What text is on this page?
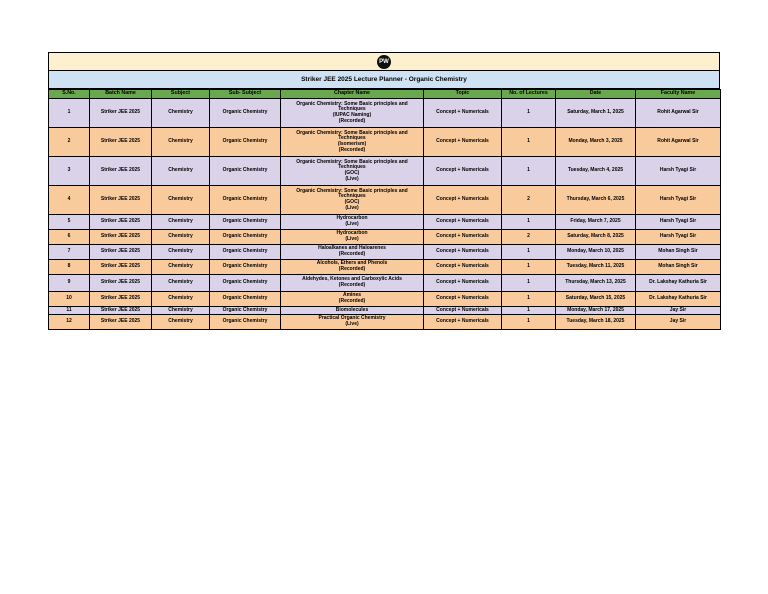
PW
Striker JEE 2025 Lecture Planner - Organic Chemistry
S.No.	Batch Name	Subject	Sub- Subject	Chapter Name	Topic	No. of Lectures	Date	Faculty Name
1	Striker JEE 2025	Chemistry	Organic Chemistry	Organic Chemistry: Some Basic principles and Techniques
(IUPAC Naming)
(Recorded)	Concept + Numericals	1	Saturday, March 1, 2025	Rohit Agarwal Sir
2	Striker JEE 2025	Chemistry	Organic Chemistry	Organic Chemistry: Some Basic principles and Techniques
(Isomerism)
(Recorded)	Concept + Numericals	1	Monday, March 3, 2025	Rohit Agarwal Sir
3	Striker JEE 2025	Chemistry	Organic Chemistry	Organic Chemistry: Some Basic principles and Techniques
(GOC)
(Live)	Concept + Numericals	1	Tuesday, March 4, 2025	Harsh Tyagi Sir
4	Striker JEE 2025	Chemistry	Organic Chemistry	Organic Chemistry: Some Basic principles and Techniques
(GOC)
(Live)	Concept + Numericals	2	Thursday, March 6, 2025	Harsh Tyagi Sir
5	Striker JEE 2025	Chemistry	Organic Chemistry	Hydrocarbon
(Live)	Concept + Numericals	1	Friday, March 7, 2025	Harsh Tyagi Sir
6	Striker JEE 2025	Chemistry	Organic Chemistry	Hydrocarbon
(Live)	Concept + Numericals	2	Saturday, March 8, 2025	Harsh Tyagi Sir
7	Striker JEE 2025	Chemistry	Organic Chemistry	Haloalkanes and Haloarenes
(Recorded)	Concept + Numericals	1	Monday, March 10, 2025	Mohan Singh Sir
8	Striker JEE 2025	Chemistry	Organic Chemistry	Alcohols, Ethers and Phenols
(Recorded)	Concept + Numericals	1	Tuesday, March 11, 2025	Mohan Singh Sir
9	Striker JEE 2025	Chemistry	Organic Chemistry	Aldehydes, Ketones and Carboxylic Acids
(Recorded)	Concept + Numericals	1	Thursday, March 13, 2025	Dr. Lakshay Kathuria Sir
10	Striker JEE 2025	Chemistry	Organic Chemistry	Amines
(Recorded)	Concept + Numericals	1	Saturday, March 15, 2025	Dr. Lakshay Kathuria Sir
11	Striker JEE 2025	Chemistry	Organic Chemistry	Biomolecules	Concept + Numericals	1	Monday, March 17, 2025	Jay Sir
12	Striker JEE 2025	Chemistry	Organic Chemistry	Practical Organic Chemistry
(Live)	Concept + Numericals	1	Tuesday, March 18, 2025	Jay Sir
